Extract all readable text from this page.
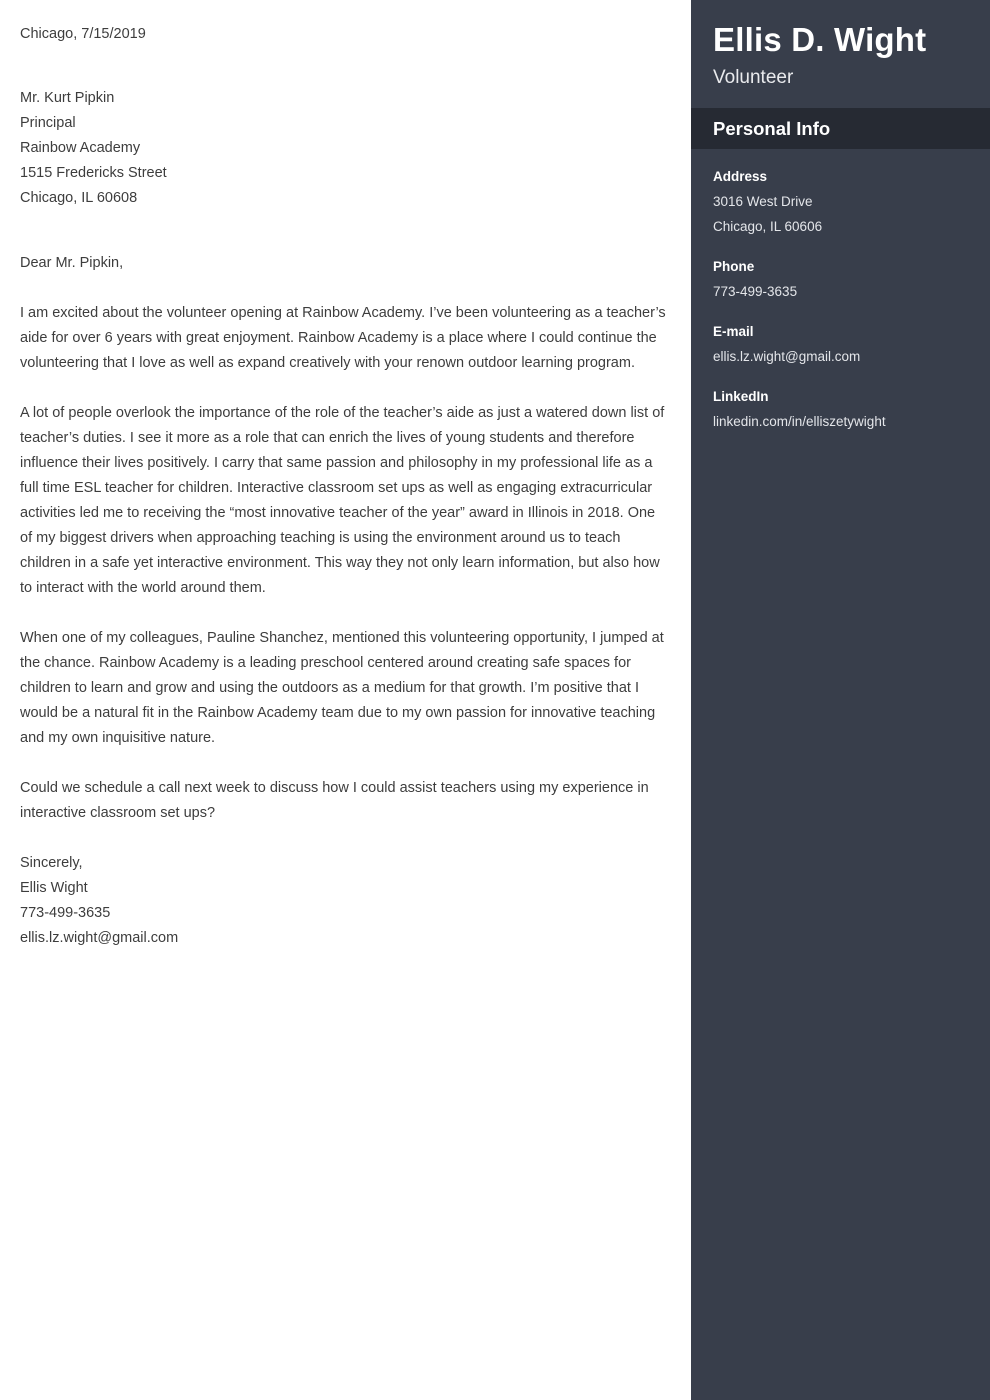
Chicago, 7/15/2019
Mr. Kurt Pipkin
Principal
Rainbow Academy
1515 Fredericks Street
Chicago, IL 60608
Dear Mr. Pipkin,

I am excited about the volunteer opening at Rainbow Academy. I’ve been volunteering as a teacher’s aide for over 6 years with great enjoyment. Rainbow Academy is a place where I could continue the volunteering that I love as well as expand creatively with your renown outdoor learning program.

A lot of people overlook the importance of the role of the teacher’s aide as just a watered down list of teacher’s duties. I see it more as a role that can enrich the lives of young students and therefore influence their lives positively. I carry that same passion and philosophy in my professional life as a full time ESL teacher for children. Interactive classroom set ups as well as engaging extracurricular activities led me to receiving the “most innovative teacher of the year” award in Illinois in 2018. One of my biggest drivers when approaching teaching is using the environment around us to teach children in a safe yet interactive environment. This way they not only learn information, but also how to interact with the world around them.

When one of my colleagues, Pauline Shanchez, mentioned this volunteering opportunity, I jumped at the chance. Rainbow Academy is a leading preschool centered around creating safe spaces for children to learn and grow and using the outdoors as a medium for that growth. I’m positive that I would be a natural fit in the Rainbow Academy team due to my own passion for innovative teaching and my own inquisitive nature.

Could we schedule a call next week to discuss how I could assist teachers using my experience in interactive classroom set ups?

Sincerely,
Ellis Wight
773-499-3635
ellis.lz.wight@gmail.com
Ellis D. Wight
Volunteer
Personal Info
Address
3016 West Drive
Chicago, IL 60606
Phone
773-499-3635
E-mail
ellis.lz.wight@gmail.com
LinkedIn
linkedin.com/in/elliszetywight
